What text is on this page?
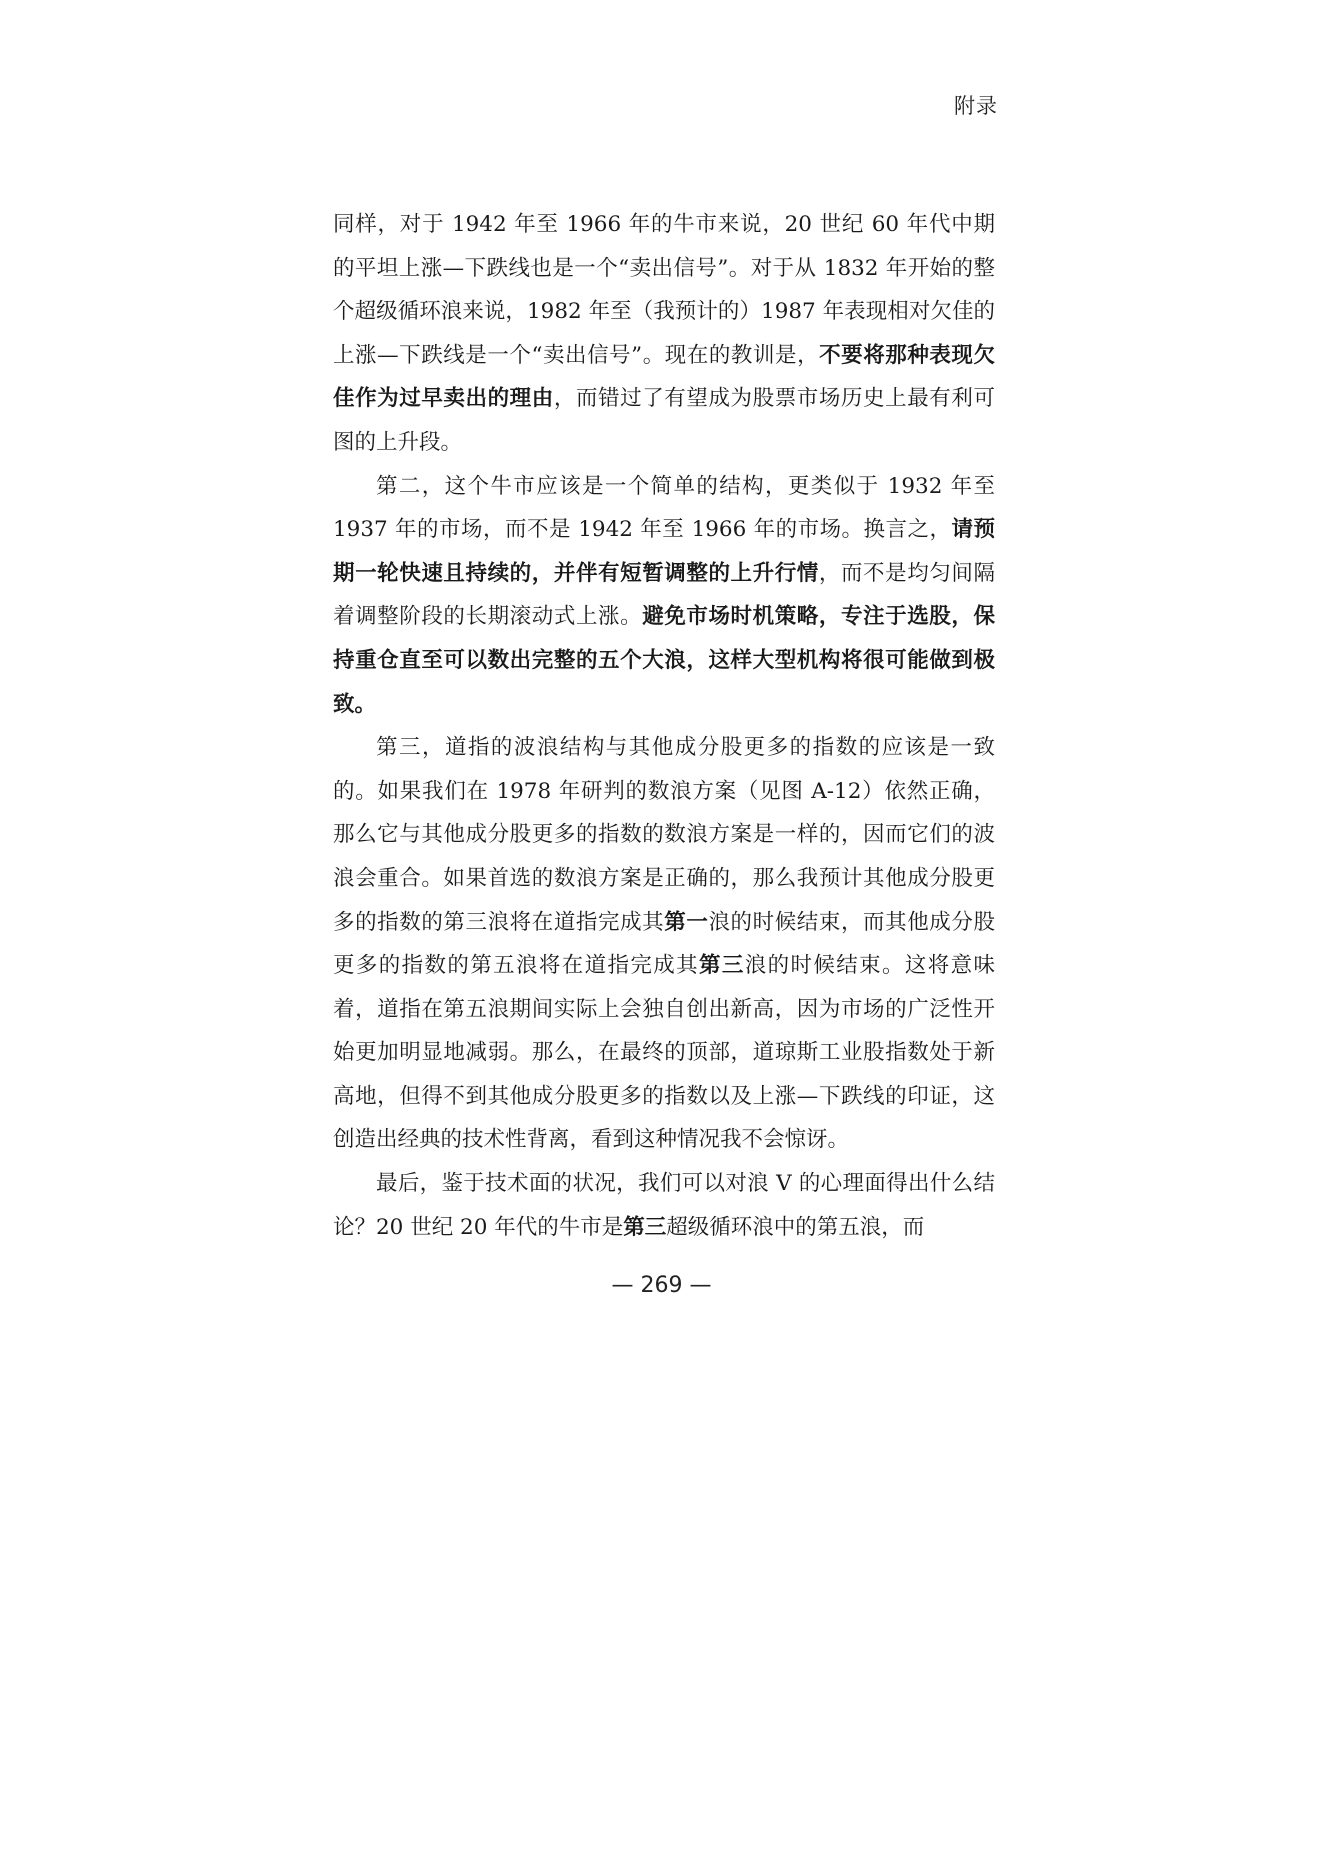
附录

同样，对于 1942 年至 1966 年的牛市来说，20 世纪 60 年代中期的平坦上涨—下跌线也是一个“卖出信号”。对于从 1832 年开始的整个超级循环浪来说，1982 年至（我预计的）1987 年表现相对欠佳的上涨—下跌线是一个“卖出信号”。现在的教训是，不要将那种表现欠佳作为过早卖出的理由，而错过了有望成为股票市场历史上最有利可图的上升段。

第二，这个牛市应该是一个简单的结构，更类似于 1932 年至 1937 年的市场，而不是 1942 年至 1966 年的市场。换言之，请预期一轮快速且持续的，并伴有短暂调整的上升行情，而不是均匀间隔着调整阶段的长期滚动式上涨。避免市场时机策略，专注于选股，保持重仓直至可以数出完整的五个大浪，这样大型机构将很可能做到极致。

第三，道指的波浪结构与其他成分股更多的指数的应该是一致的。如果我们在 1978 年研判的数浪方案（见图 A-12）依然正确，那么它与其他成分股更多的指数的数浪方案是一样的，因而它们的波浪会重合。如果首选的数浪方案是正确的，那么我预计其他成分股更多的指数的第三浪将在道指完成其第一浪的时候结束，而其他成分股更多的指数的第五浪将在道指完成其第三浪的时候结束。这将意味着，道指在第五浪期间实际上会独自创出新高，因为市场的广泛性开始更加明显地减弱。那么，在最终的顶部，道琼斯工业股指数处于新高地，但得不到其他成分股更多的指数以及上涨—下跌线的印证，这创造出经典的技术性背离，看到这种情况我不会惊讶。

最后，鉴于技术面的状况，我们可以对浪 V 的心理面得出什么结论？20 世纪 20 年代的牛市是第三超级循环浪中的第五浪，而

— 269 —
